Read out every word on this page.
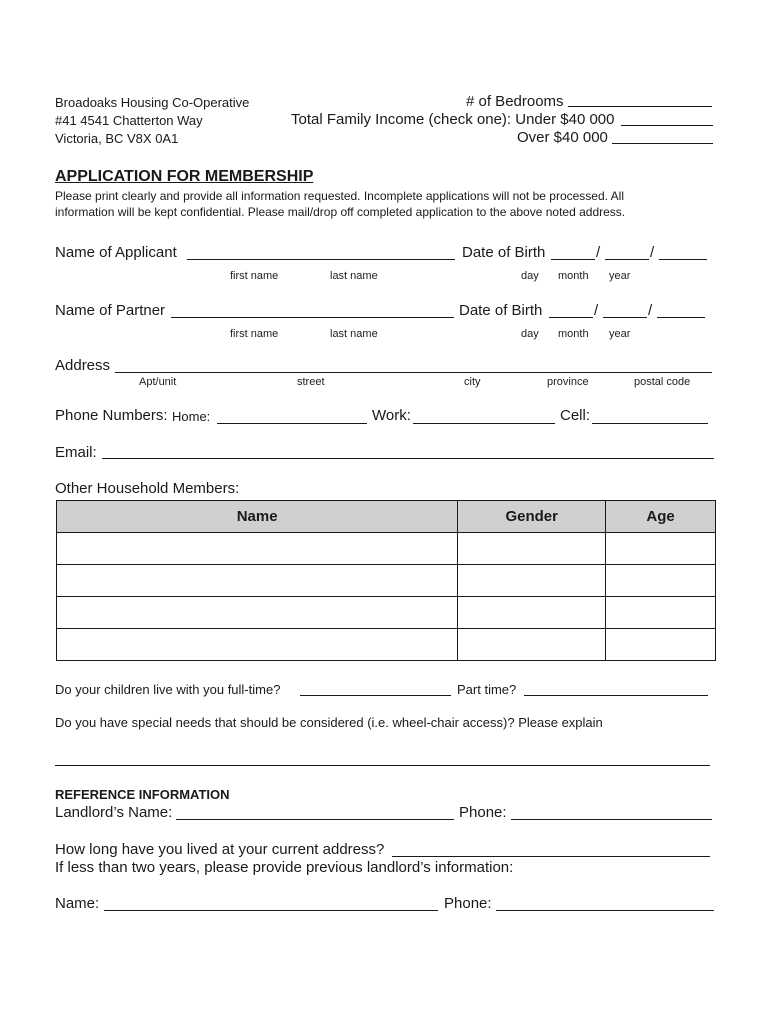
Broadoaks Housing Co-Operative
#41 4541 Chatterton Way
Victoria, BC V8X 0A1
# of Bedrooms
Total Family Income (check one): Under $40 000
Over $40 000
APPLICATION FOR MEMBERSHIP
Please print clearly and provide all information requested. Incomplete applications will not be processed. All
information will be kept confidential. Please mail/drop off completed application to the above noted address.
Name of Applicant	Date of Birth	/	/
first name	last name	day month year
Name of Partner	Date of Birth	/	/
first name	last name	day month year
Address
Apt/unit	street	city	province	postal code
Phone Numbers: Home:	Work:	Cell:
Email:
Other Household Members:
Name	Gender	Age

Do your children live with you full-time?	Part time?
Do you have special needs that should be considered (i.e. wheel-chair access)? Please explain
REFERENCE INFORMATION
Landlord’s Name:	Phone:
How long have you lived at your current address?
If less than two years, please provide previous landlord’s information:
Name:	Phone:
